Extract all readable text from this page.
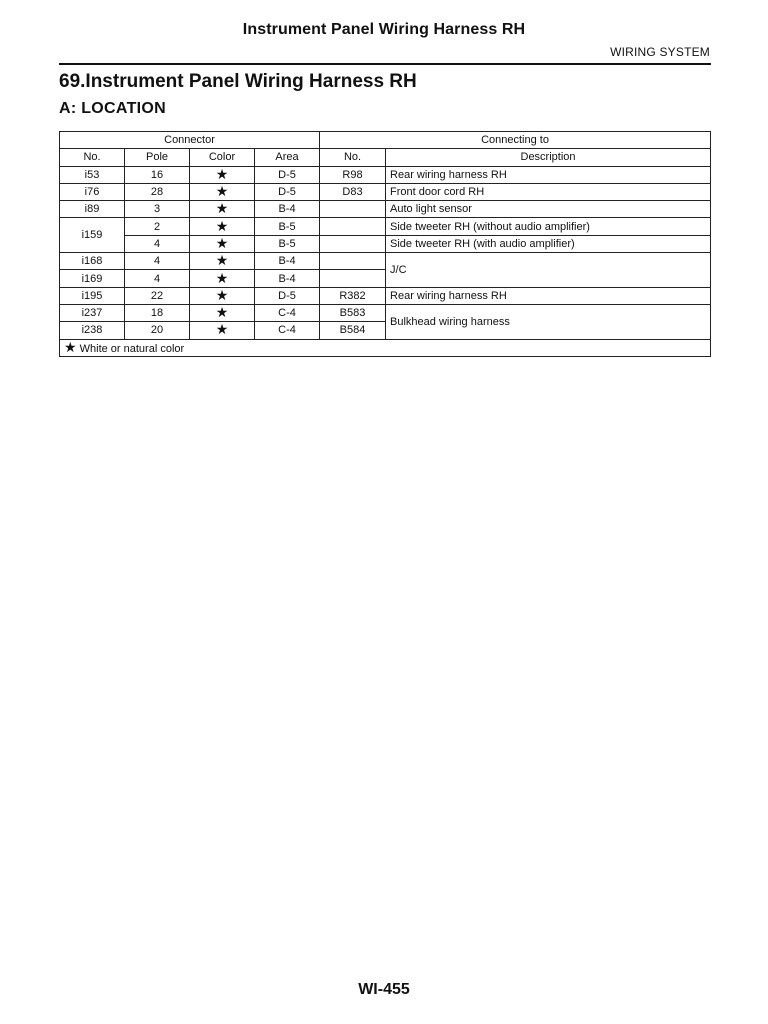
Instrument Panel Wiring Harness RH
WIRING SYSTEM
69.Instrument Panel Wiring Harness RH
A: LOCATION
Connector				Connecting to	
No.	Pole	Color	Area	No.	Description
i53	16	★	D-5	R98	Rear wiring harness RH
i76	28	★	D-5	D83	Front door cord RH
i89	3	★	B-4		Auto light sensor
i159	2	★	B-5		Side tweeter RH (without audio amplifier)
	4	★	B-5		Side tweeter RH (with audio amplifier)
i168	4	★	B-4		J/C
i169	4	★	B-4		
i195	22	★	D-5	R382	Rear wiring harness RH
i237	18	★	C-4	B583	Bulkhead wiring harness
i238	20	★	C-4	B584	
★ White or natural color					
WI-455
